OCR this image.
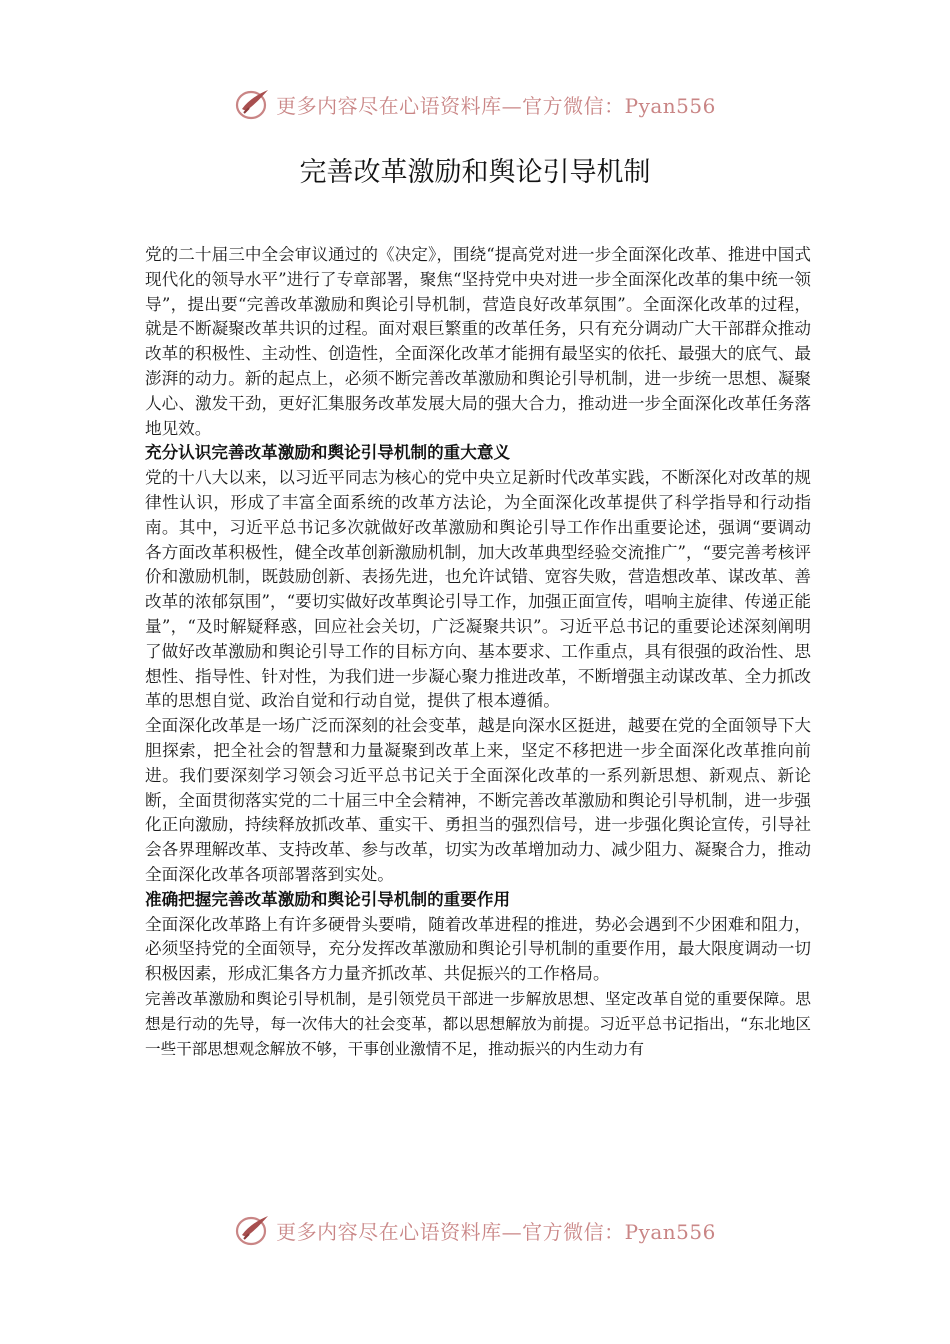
更多内容尽在心语资料库—官方微信：Pyan556
完善改革激励和舆论引导机制

党的二十届三中全会审议通过的《决定》，围绕“提高党对进一步全面深化改革、推进中国式现代化的领导水平”进行了专章部署，聚焦“坚持党中央对进一步全面深化改革的集中统一领导”，提出要“完善改革激励和舆论引导机制，营造良好改革氛围”。全面深化改革的过程，就是不断凝聚改革共识的过程。面对艰巨繁重的改革任务，只有充分调动广大干部群众推动改革的积极性、主动性、创造性，全面深化改革才能拥有最坚实的依托、最强大的底气、最澎湃的动力。新的起点上，必须不断完善改革激励和舆论引导机制，进一步统一思想、凝聚人心、激发干劲，更好汇集服务改革发展大局的强大合力，推动进一步全面深化改革任务落地见效。

充分认识完善改革激励和舆论引导机制的重大意义

党的十八大以来，以习近平同志为核心的党中央立足新时代改革实践，不断深化对改革的规律性认识，形成了丰富全面系统的改革方法论，为全面深化改革提供了科学指导和行动指南。其中，习近平总书记多次就做好改革激励和舆论引导工作作出重要论述，强调“要调动各方面改革积极性，健全改革创新激励机制，加大改革典型经验交流推广”，“要完善考核评价和激励机制，既鼓励创新、表扬先进，也允许试错、宽容失败，营造想改革、谋改革、善改革的浓郁氛围”，“要切实做好改革舆论引导工作，加强正面宣传，唱响主旋律、传递正能量”，“及时解疑释惑，回应社会关切，广泛凝聚共识”。习近平总书记的重要论述深刻阐明了做好改革激励和舆论引导工作的目标方向、基本要求、工作重点，具有很强的政治性、思想性、指导性、针对性，为我们进一步凝心聚力推进改革，不断增强主动谋改革、全力抓改革的思想自觉、政治自觉和行动自觉，提供了根本遵循。

全面深化改革是一场广泛而深刻的社会变革，越是向深水区挺进，越要在党的全面领导下大胆探索，把全社会的智慧和力量凝聚到改革上来，坚定不移把进一步全面深化改革推向前进。我们要深刻学习领会习近平总书记关于全面深化改革的一系列新思想、新观点、新论断，全面贯彻落实党的二十届三中全会精神，不断完善改革激励和舆论引导机制，进一步强化正向激励，持续释放抓改革、重实干、勇担当的强烈信号，进一步强化舆论宣传，引导社会各界理解改革、支持改革、参与改革，切实为改革增加动力、减少阻力、凝聚合力，推动全面深化改革各项部署落到实处。

准确把握完善改革激励和舆论引导机制的重要作用

全面深化改革路上有许多硬骨头要啃，随着改革进程的推进，势必会遇到不少困难和阻力，必须坚持党的全面领导，充分发挥改革激励和舆论引导机制的重要作用，最大限度调动一切积极因素，形成汇集各方力量齐抓改革、共促振兴的工作格局。

完善改革激励和舆论引导机制，是引领党员干部进一步解放思想、坚定改革自觉的重要保障。思想是行动的先导，每一次伟大的社会变革，都以思想解放为前提。习近平总书记指出，“东北地区一些干部思想观念解放不够，干事创业激情不足，推动振兴的内生动力有

更多内容尽在心语资料库—官方微信：Pyan556
